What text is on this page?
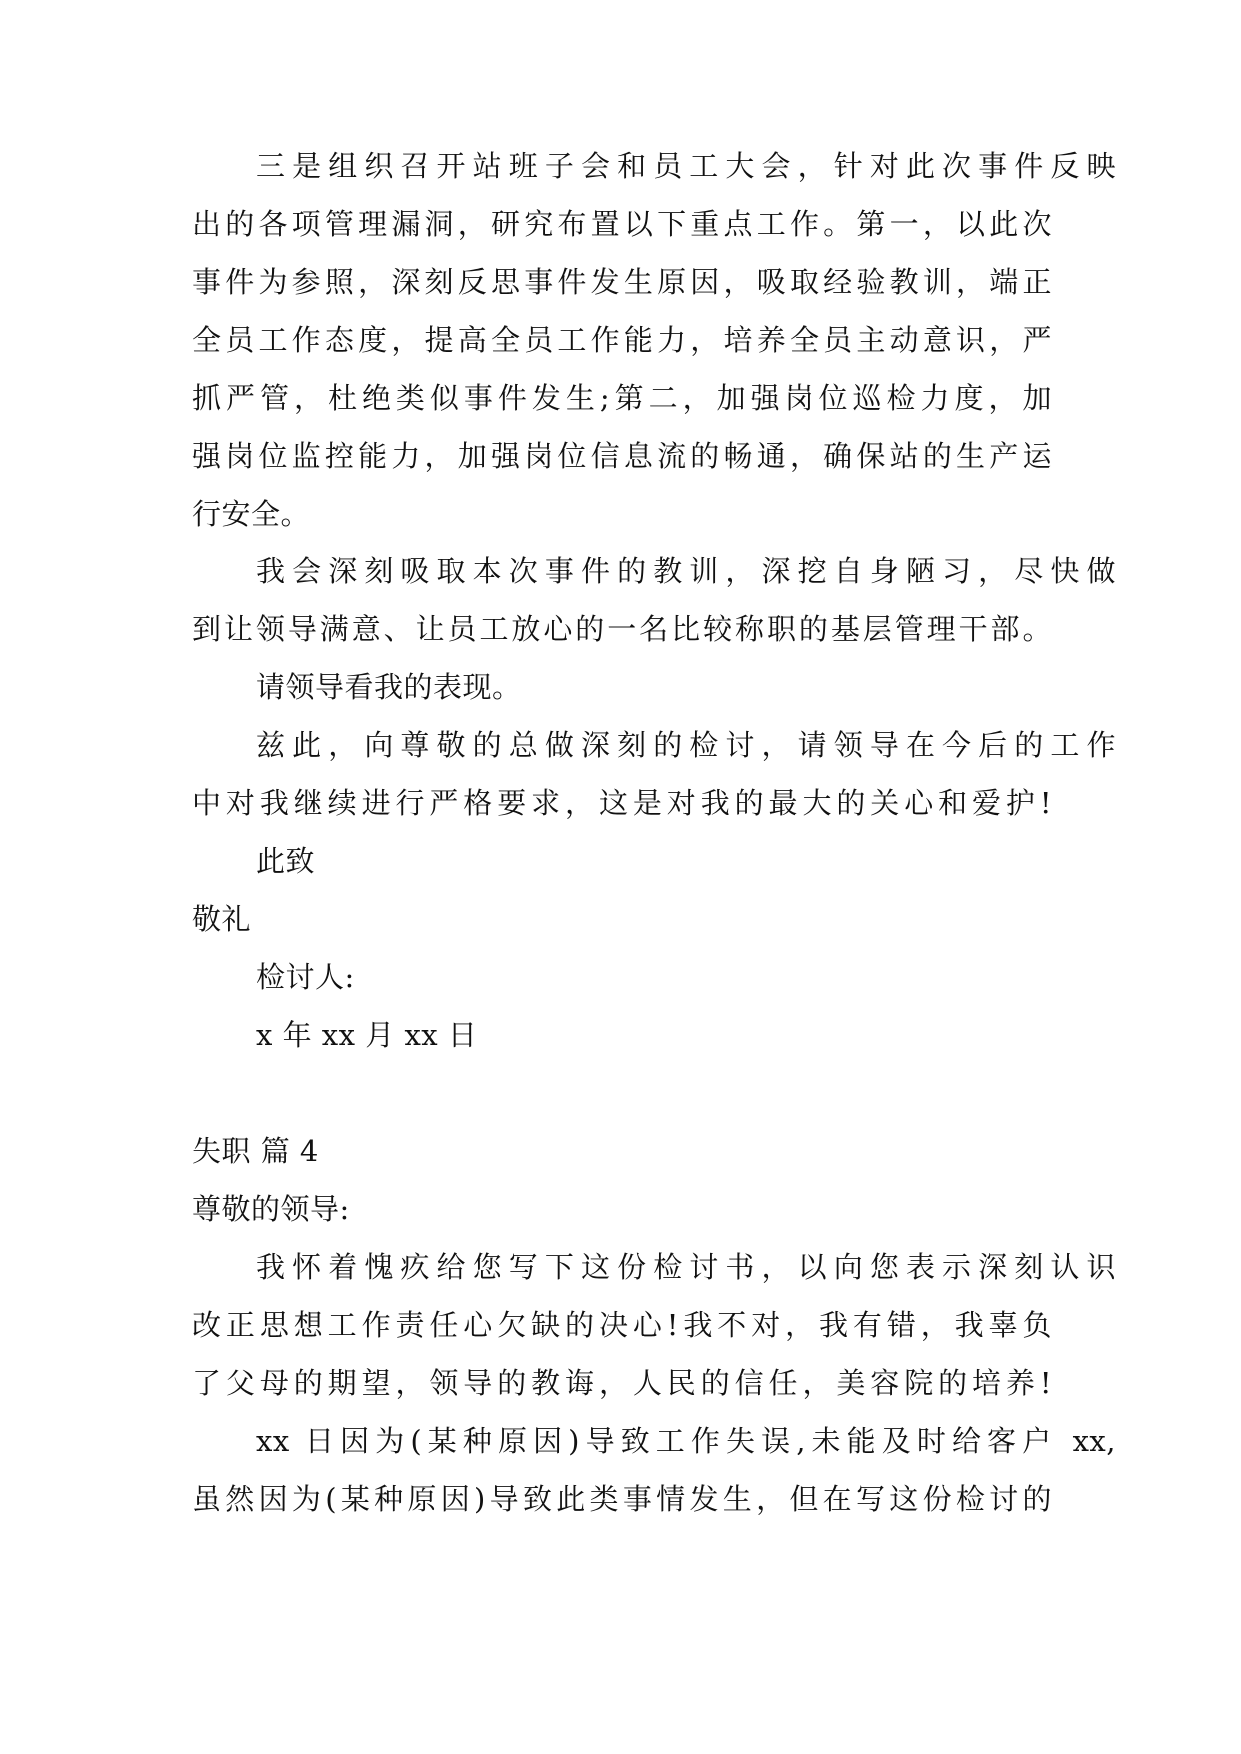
三是组织召开站班子会和员工大会，针对此次事件反映
出的各项管理漏洞，研究布置以下重点工作。第一，以此次
事件为参照，深刻反思事件发生原因，吸取经验教训，端正
全员工作态度，提高全员工作能力，培养全员主动意识，严
抓严管，杜绝类似事件发生;第二，加强岗位巡检力度，加
强岗位监控能力，加强岗位信息流的畅通，确保站的生产运
行安全。
我会深刻吸取本次事件的教训，深挖自身陋习，尽快做
到让领导满意、让员工放心的一名比较称职的基层管理干部。
请领导看我的表现。
兹此，向尊敬的总做深刻的检讨，请领导在今后的工作
中对我继续进行严格要求，这是对我的最大的关心和爱护!
此致
敬礼
检讨人:
x 年 xx 月 xx 日
失职 篇 4
尊敬的领导:
我怀着愧疚给您写下这份检讨书，以向您表示深刻认识
改正思想工作责任心欠缺的决心!我不对，我有错，我辜负
了父母的期望，领导的教诲，人民的信任，美容院的培养!
xx 日因为(某种原因)导致工作失误,未能及时给客户 xx,
虽然因为(某种原因)导致此类事情发生，但在写这份检讨的
